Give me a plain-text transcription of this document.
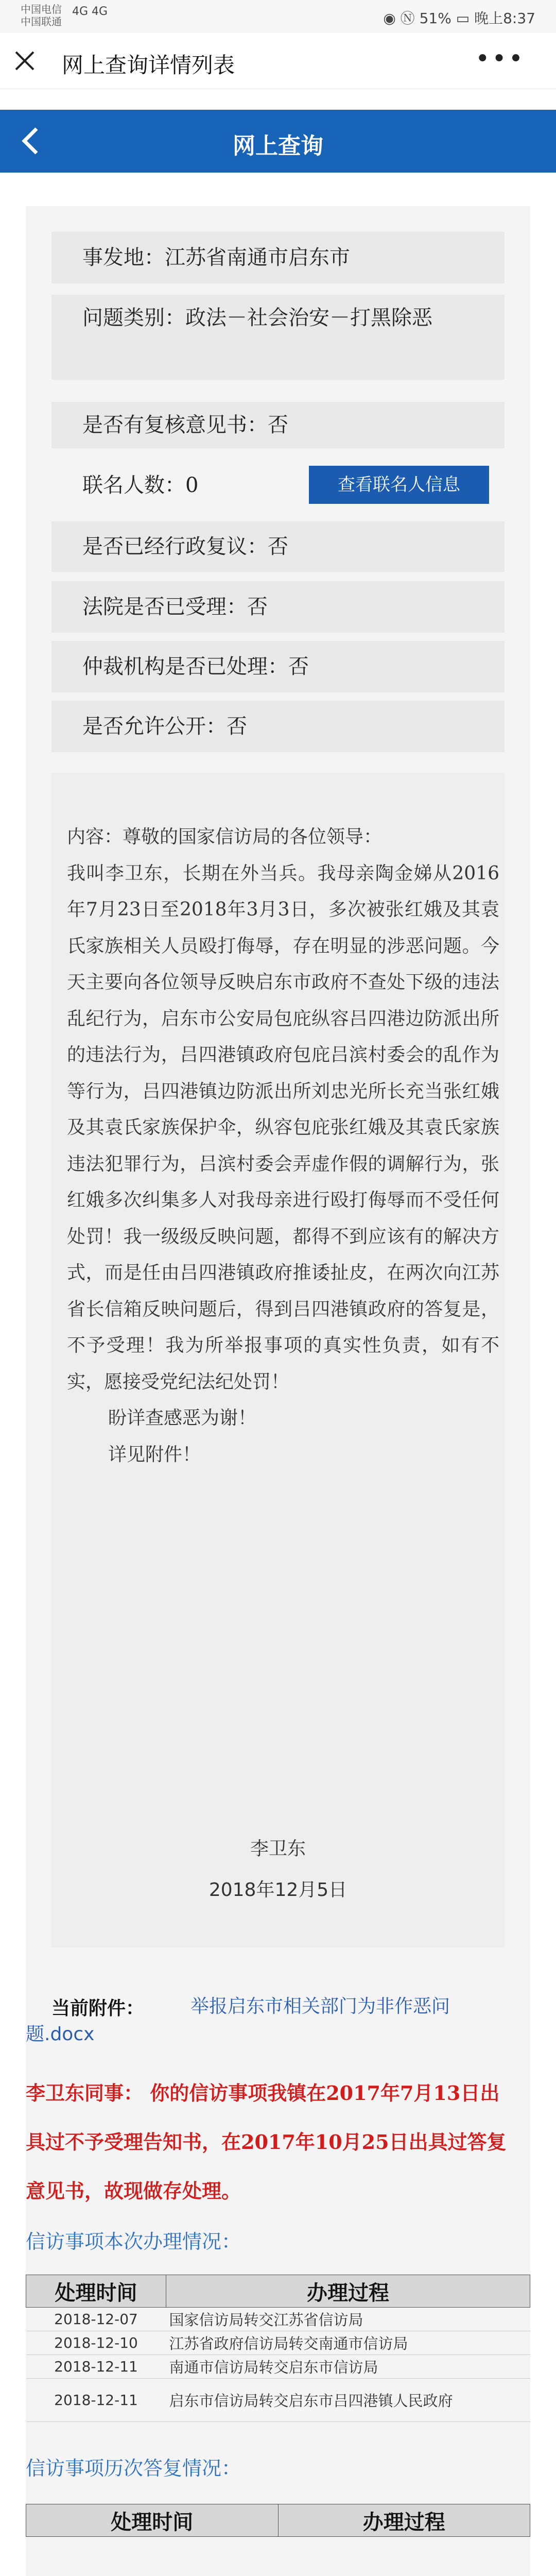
中国电信
中国联通
4G 4G	◉ Ⓝ 51% ▭ 晚上8:37
网上查询详情列表	•••
网上查询
事发地：江苏省南通市启东市
问题类别：政法－社会治安－打黑除恶
是否有复核意见书：否
联名人数：0	查看联名人信息
是否已经行政复议：否
法院是否已受理：否
仲裁机构是否已处理：否
是否允许公开：否

内容：尊敬的国家信访局的各位领导：

我叫李卫东，长期在外当兵。我母亲陶金娣从2016年7月23日至2018年3月3日，多次被张红娥及其袁氏家族相关人员殴打侮辱，存在明显的涉恶问题。今天主要向各位领导反映启东市政府不查处下级的违法乱纪行为，启东市公安局包庇纵容吕四港边防派出所的违法行为，吕四港镇政府包庇吕滨村委会的乱作为等行为，吕四港镇边防派出所刘忠光所长充当张红娥及其袁氏家族保护伞，纵容包庇张红娥及其袁氏家族违法犯罪行为，吕滨村委会弄虚作假的调解行为，张红娥多次纠集多人对我母亲进行殴打侮辱而不受任何处罚！我一级级反映问题，都得不到应该有的解决方式，而是任由吕四港镇政府推诿扯皮，在两次向江苏省长信箱反映问题后，得到吕四港镇政府的答复是，不予受理！我为所举报事项的真实性负责，如有不实，愿接受党纪法纪处罚！

盼详查感恶为谢！

详见附件！

李卫东
2018年12月5日
当前附件： 举报启东市相关部门为非作恶问
题.docx
李卫东同事： 你的信访事项我镇在2017年7月13日出具过不予受理告知书，在2017年10月25日出具过答复意见书，故现做存处理。
信访事项本次办理情况：
处理时间	办理过程
2018-12-07	国家信访局转交江苏省信访局
2018-12-10	江苏省政府信访局转交南通市信访局
2018-12-11	南通市信访局转交启东市信访局
2018-12-11	启东市信访局转交启东市吕四港镇人民政府
信访事项历次答复情况：
处理时间	办理过程
